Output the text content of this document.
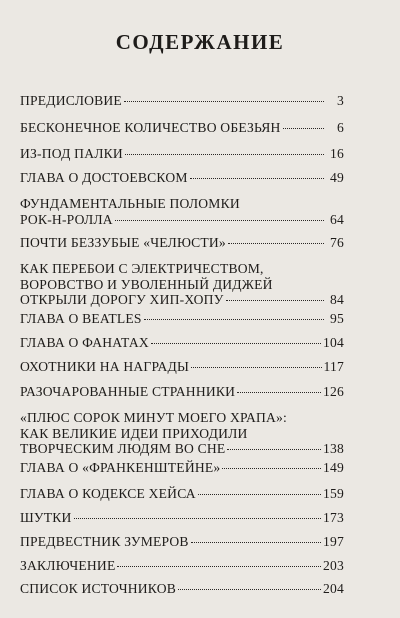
СОДЕРЖАНИЕ
ПРЕДИСЛОВИЕ	3
БЕСКОНЕЧНОЕ КОЛИЧЕСТВО ОБЕЗЬЯН	6
ИЗ-ПОД ПАЛКИ	16
ГЛАВА О ДОСТОЕВСКОМ	49
ФУНДАМЕНТАЛЬНЫЕ ПОЛОМКИ
РОК-Н-РОЛЛА	64
ПОЧТИ БЕЗЗУБЫЕ «ЧЕЛЮСТИ»	76
КАК ПЕРЕБОИ С ЭЛЕКТРИЧЕСТВОМ,
ВОРОВСТВО И УВОЛЕННЫЙ ДИДЖЕЙ
ОТКРЫЛИ ДОРОГУ ХИП-ХОПУ	84
ГЛАВА О BEATLES	95
ГЛАВА О ФАНАТАХ	104
ОХОТНИКИ НА НАГРАДЫ	117
РАЗОЧАРОВАННЫЕ СТРАННИКИ	126
«ПЛЮС СОРОК МИНУТ МОЕГО ХРАПА»:
КАК ВЕЛИКИЕ ИДЕИ ПРИХОДИЛИ
ТВОРЧЕСКИМ ЛЮДЯМ ВО СНЕ	138
ГЛАВА О «ФРАНКЕНШТЕЙНЕ»	149
ГЛАВА О КОДЕКСЕ ХЕЙСА	159
ШУТКИ	173
ПРЕДВЕСТНИК ЗУМЕРОВ	197
ЗАКЛЮЧЕНИЕ	203
СПИСОК ИСТОЧНИКОВ	204
